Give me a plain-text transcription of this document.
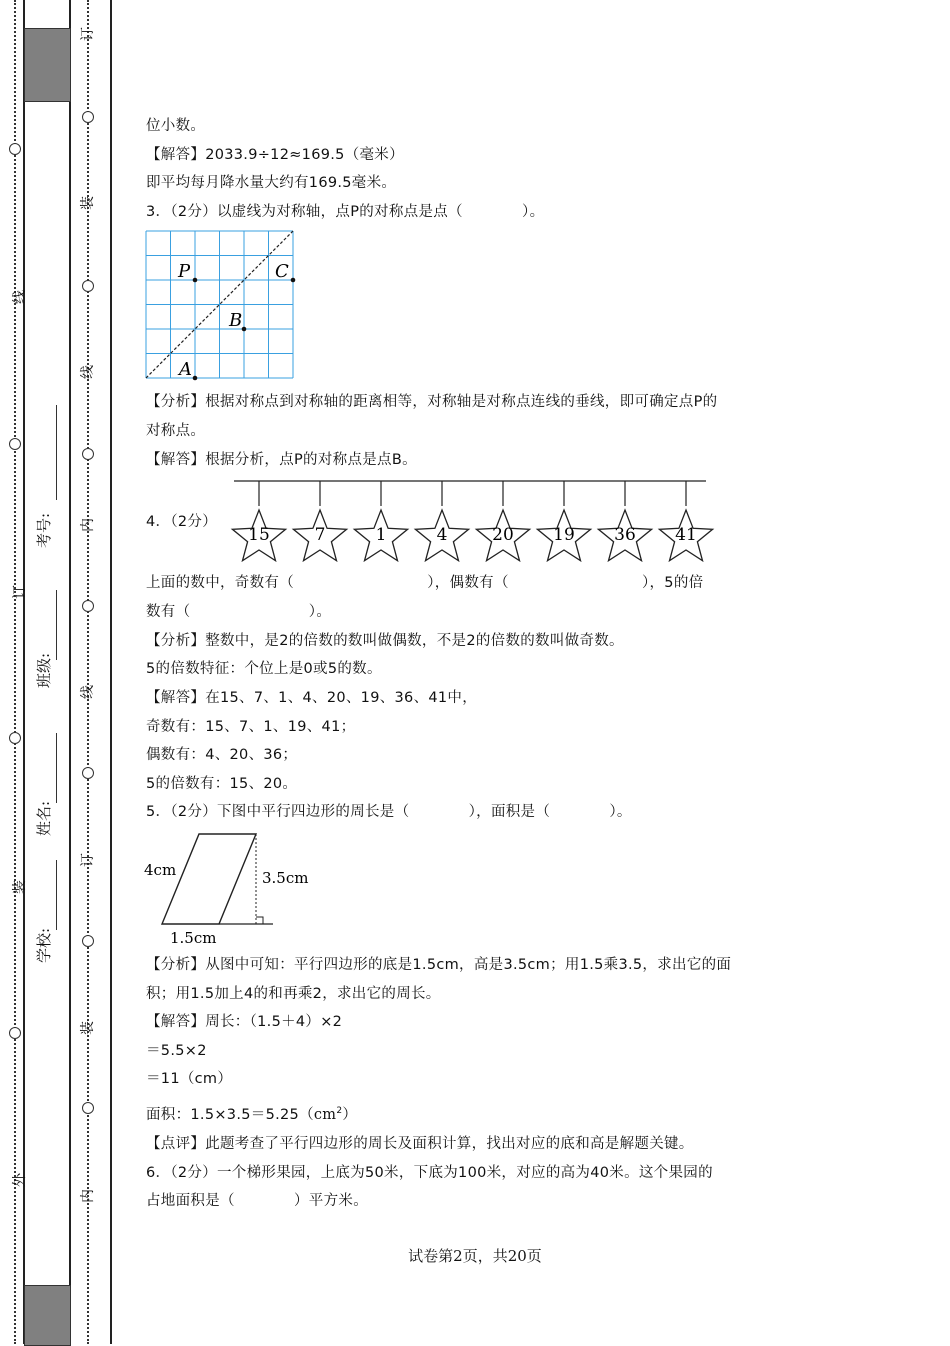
外
装
订
线
订
装
线
内
线
订
装
内
学校:
姓名:
班级:
考号:
位小数。
【解答】2033.9÷12≈169.5（毫米）
即平均每月降水量大约有169.5毫米。
3．（2分）以虚线为对称轴，点P的对称点是点（　　　　）。
P	C
B
A
【分析】根据对称点到对称轴的距离相等，对称轴是对称点连线的垂线，即可确定点P的
对称点。
【解答】根据分析，点P的对称点是点B。
4．（2分）
15	7	1	4	20 19 36 41
上面的数中，奇数有（　　　　　　　　　），偶数有（　　　　　　　　　），5的倍
数有（　　　　　　　　）。
【分析】整数中，是2的倍数的数叫做偶数，不是2的倍数的数叫做奇数。
5的倍数特征：个位上是0或5的数。
【解答】在15、7、1、4、20、19、36、41中，
奇数有：15、7、1、19、41；
偶数有：4、20、36；
5的倍数有：15、20。
5．（2分）下图中平行四边形的周长是（　　　　），面积是（　　　　）。
4cm	3.5cm
1.5cm
【分析】从图中可知：平行四边形的底是1.5cm，高是3.5cm；用1.5乘3.5，求出它的面
积；用1.5加上4的和再乘2，求出它的周长。
【解答】周长：（1.5＋4）×2
＝5.5×2
＝11（cm）
面积：$1.5\times 3.5=5.25(cm^2)$
【点评】此题考查了平行四边形的周长及面积计算，找出对应的底和高是解题关键。
6．（2分）一个梯形果园，上底为50米，下底为100米，对应的高为40米。这个果园的
占地面积是（　　　　）平方米。
试卷第2页，共20页
